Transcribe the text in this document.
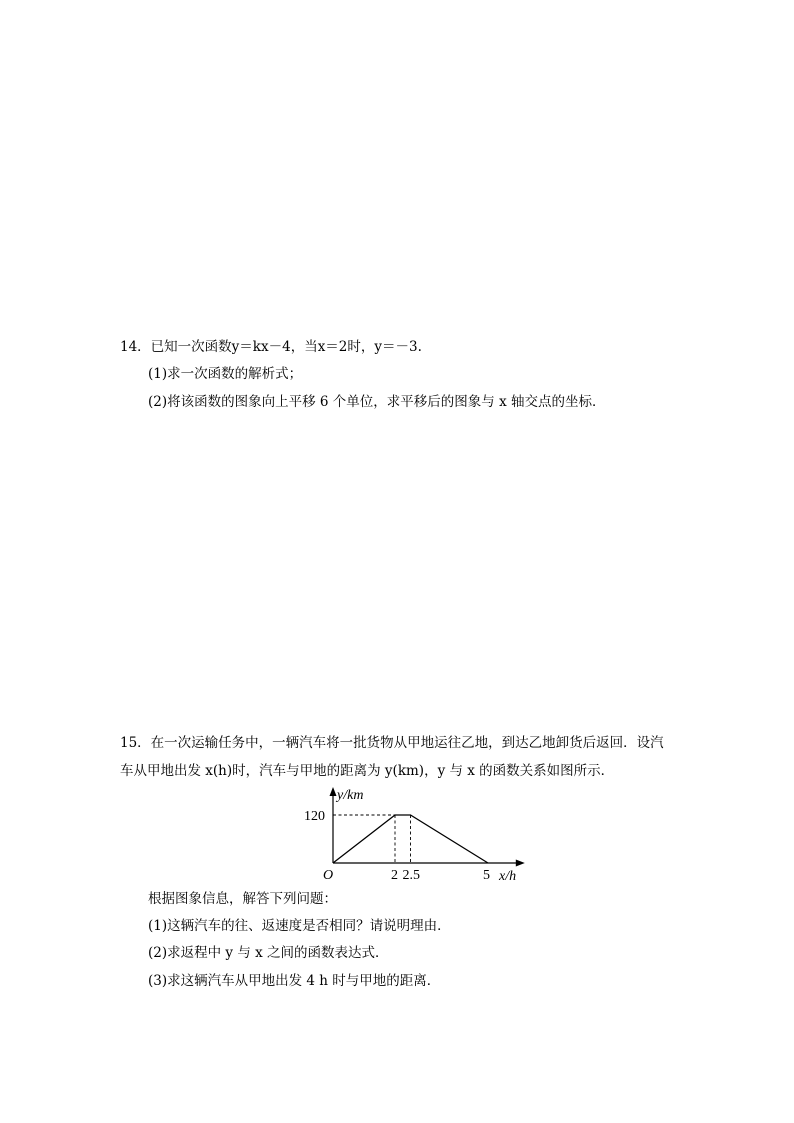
14．已知一次函数y＝kx－4，当x＝2时，y＝－3.
(1)求一次函数的解析式；
(2)将该函数的图象向上平移 6 个单位，求平移后的图象与 x 轴交点的坐标．
15．在一次运输任务中，一辆汽车将一批货物从甲地运往乙地，到达乙地卸货后返回．设汽
车从甲地出发 x(h)时，汽车与甲地的距离为 y(km)，y 与 x 的函数关系如图所示．
120
y/km
O	2 2.5	5 x/h
根据图象信息，解答下列问题：
(1)这辆汽车的往、返速度是否相同？请说明理由．
(2)求返程中 y 与 x 之间的函数表达式．
(3)求这辆汽车从甲地出发 4 h 时与甲地的距离．
